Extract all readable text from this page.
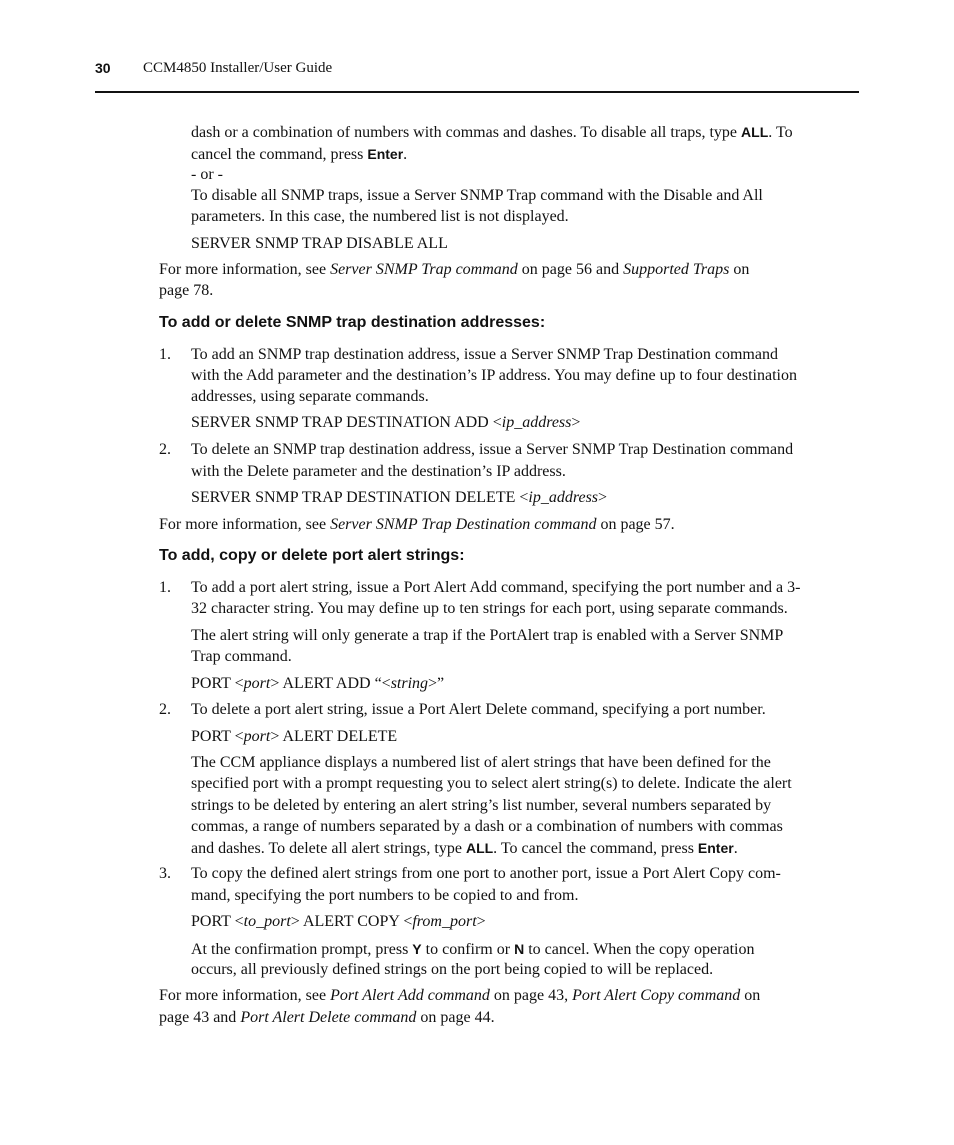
30 CCM4850 Installer/User Guide
dash or a combination of numbers with commas and dashes. To disable all traps, type ALL. To
cancel the command, press Enter.
- or -
To disable all SNMP traps, issue a Server SNMP Trap command with the Disable and All
parameters. In this case, the numbered list is not displayed.
SERVER SNMP TRAP DISABLE ALL
For more information, see Server SNMP Trap command on page 56 and Supported Traps on
page 78.
To add or delete SNMP trap destination addresses:
1. To add an SNMP trap destination address, issue a Server SNMP Trap Destination command
with the Add parameter and the destination’s IP address. You may define up to four destination
addresses, using separate commands.
SERVER SNMP TRAP DESTINATION ADD <ip_address>
2. To delete an SNMP trap destination address, issue a Server SNMP Trap Destination command
with the Delete parameter and the destination’s IP address.
SERVER SNMP TRAP DESTINATION DELETE <ip_address>
For more information, see Server SNMP Trap Destination command on page 57.
To add, copy or delete port alert strings:
1. To add a port alert string, issue a Port Alert Add command, specifying the port number and a 3-
32 character string. You may define up to ten strings for each port, using separate commands.
The alert string will only generate a trap if the PortAlert trap is enabled with a Server SNMP
Trap command.
PORT <port> ALERT ADD “<string>”
2. To delete a port alert string, issue a Port Alert Delete command, specifying a port number.
PORT <port> ALERT DELETE
The CCM appliance displays a numbered list of alert strings that have been defined for the
specified port with a prompt requesting you to select alert string(s) to delete. Indicate the alert
strings to be deleted by entering an alert string’s list number, several numbers separated by
commas, a range of numbers separated by a dash or a combination of numbers with commas
and dashes. To delete all alert strings, type ALL. To cancel the command, press Enter.
3. To copy the defined alert strings from one port to another port, issue a Port Alert Copy com-
mand, specifying the port numbers to be copied to and from.
PORT <to_port> ALERT COPY <from_port>
At the confirmation prompt, press Y to confirm or N to cancel. When the copy operation
occurs, all previously defined strings on the port being copied to will be replaced.
For more information, see Port Alert Add command on page 43, Port Alert Copy command on
page 43 and Port Alert Delete command on page 44.
